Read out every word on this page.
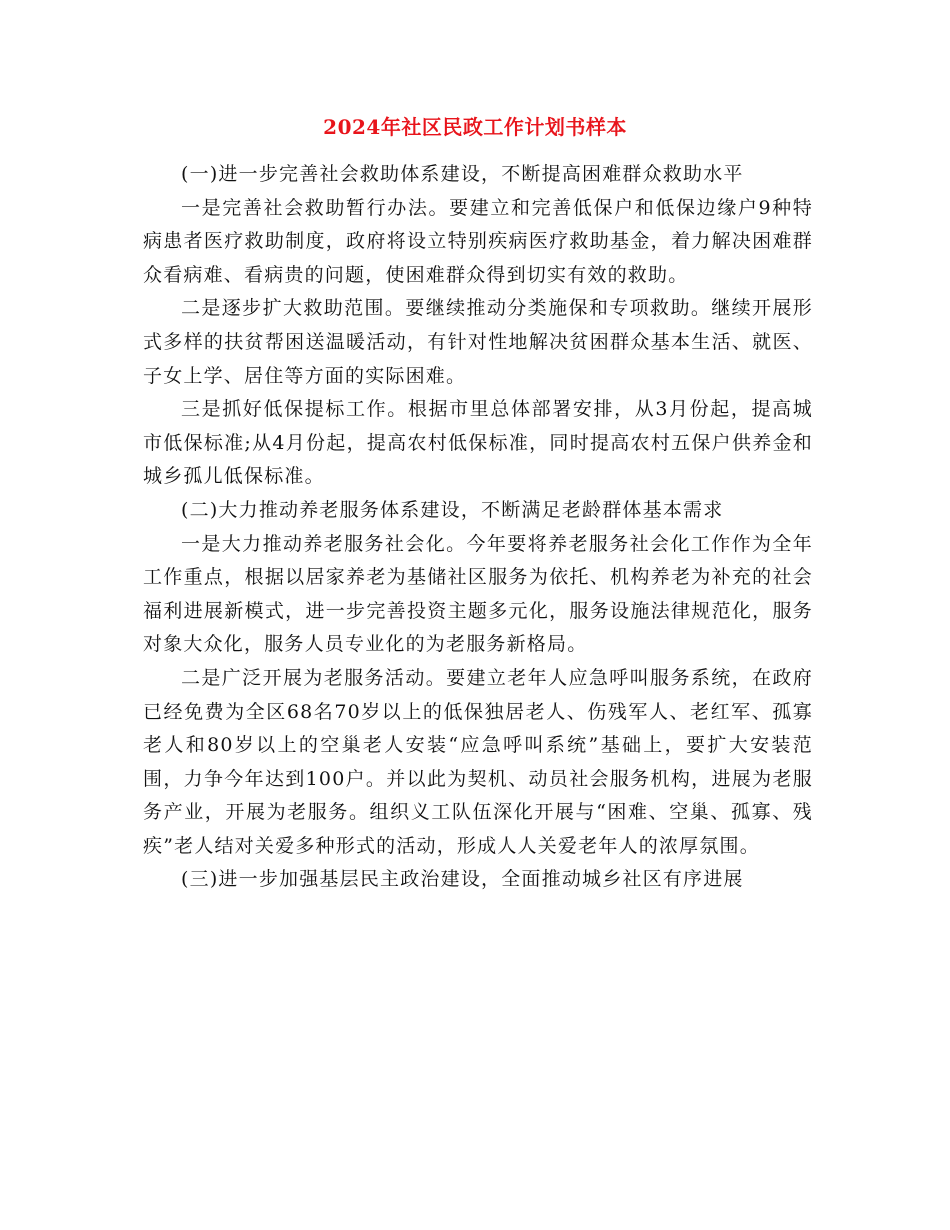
2024年社区民政工作计划书样本

(一)进一步完善社会救助体系建设，不断提高困难群众救助水平

一是完善社会救助暂行办法。要建立和完善低保户和低保边缘户9种特病患者医疗救助制度，政府将设立特别疾病医疗救助基金，着力解决困难群众看病难、看病贵的问题，使困难群众得到切实有效的救助。

二是逐步扩大救助范围。要继续推动分类施保和专项救助。继续开展形式多样的扶贫帮困送温暖活动，有针对性地解决贫困群众基本生活、就医、子女上学、居住等方面的实际困难。

三是抓好低保提标工作。根据市里总体部署安排，从3月份起，提高城市低保标准;从4月份起，提高农村低保标准，同时提高农村五保户供养金和城乡孤儿低保标准。

(二)大力推动养老服务体系建设，不断满足老龄群体基本需求

一是大力推动养老服务社会化。今年要将养老服务社会化工作作为全年工作重点，根据以居家养老为基储社区服务为依托、机构养老为补充的社会福利进展新模式，进一步完善投资主题多元化，服务设施法律规范化，服务对象大众化，服务人员专业化的为老服务新格局。

二是广泛开展为老服务活动。要建立老年人应急呼叫服务系统，在政府已经免费为全区68名70岁以上的低保独居老人、伤残军人、老红军、孤寡老人和80岁以上的空巢老人安装“应急呼叫系统”基础上，要扩大安装范围，力争今年达到100户。并以此为契机、动员社会服务机构，进展为老服务产业，开展为老服务。组织义工队伍深化开展与“困难、空巢、孤寡、残疾”老人结对关爱多种形式的活动，形成人人关爱老年人的浓厚氛围。

(三)进一步加强基层民主政治建设，全面推动城乡社区有序进展
